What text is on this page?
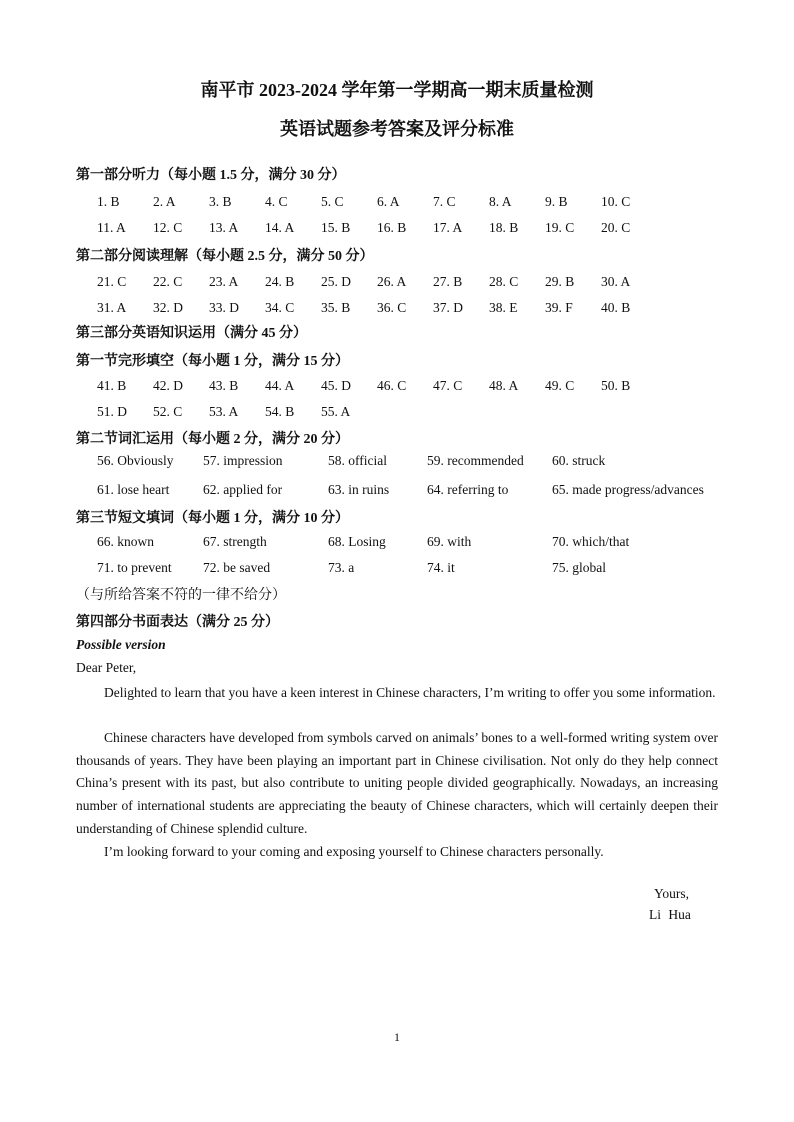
南平市 2023-2024 学年第一学期高一期末质量检测
英语试题参考答案及评分标准
第一部分听力（每小题 1.5 分，满分 30 分）
1. B 2. A 3. B 4. C 5. C 6. A 7. C 8. A 9. B 10. C
11. A 12. C 13. A 14. A 15. B 16. B 17. A 18. B 19. C 20. C
第二部分阅读理解（每小题 2.5 分，满分 50 分）
21. C 22. C 23. A 24. B 25. D 26. A 27. B 28. C 29. B 30. A
31. A 32. D 33. D 34. C 35. B 36. C 37. D 38. E 39. F 40. B
第三部分英语知识运用（满分 45 分）
第一节完形填空（每小题 1 分，满分 15 分）
41. B 42. D 43. B 44. A 45. D 46. C 47. C 48. A 49. C 50. B
51. D 52. C 53. A 54. B 55. A
第二节词汇运用（每小题 2 分，满分 20 分）
56. Obviously 57. impression	58. official	59. recommended 60. struck
61. lose heart 62. applied for	63. in ruins	64. referring to	65. made progress/advances
第三节短文填词（每小题 1 分，满分 10 分）
66. known	67. strength	68. Losing	69. with	70. which/that
71. to prevent 72. be saved	73. a	74. it	75. global
（与所给答案不符的一律不给分）
第四部分书面表达（满分 25 分）
Possible version
Dear Peter,

Delighted to learn that you have a keen interest in Chinese characters, I’m writing to offer you some information.

Chinese characters have developed from symbols carved on animals’ bones to a well-formed writing system over thousands of years. They have been playing an important part in Chinese civilisation. Not only do they help connect China’s present with its past, but also contribute to uniting people divided geographically. Nowadays, an increasing number of international students are appreciating the beauty of Chinese characters, which will certainly deepen their understanding of Chinese splendid culture.

I’m looking forward to your coming and exposing yourself to Chinese characters personally.

Yours,
Li Hua
1
